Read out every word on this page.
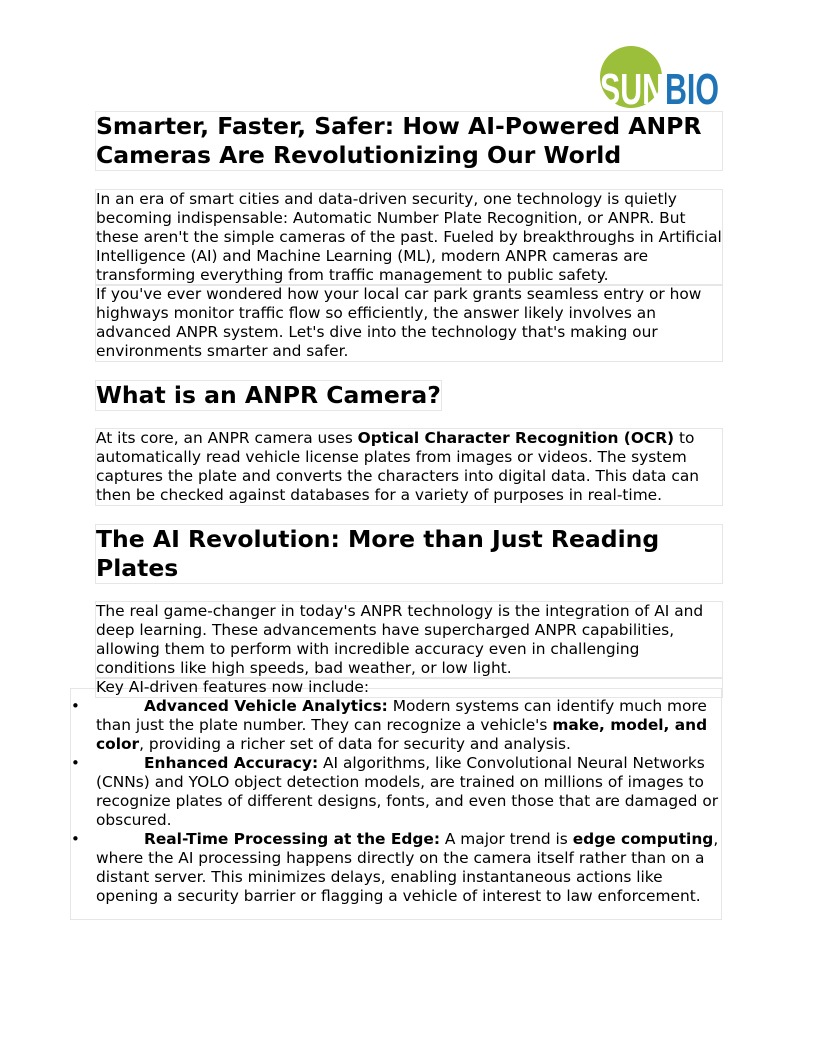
SUN BIO
Smarter, Faster, Safer: How AI-Powered ANPR Cameras Are Revolutionizing Our World

In an era of smart cities and data-driven security, one technology is quietly becoming indispensable: Automatic Number Plate Recognition, or ANPR. But these aren't the simple cameras of the past. Fueled by breakthroughs in Artificial Intelligence (AI) and Machine Learning (ML), modern ANPR cameras are transforming everything from traffic management to public safety.

If you've ever wondered how your local car park grants seamless entry or how highways monitor traffic flow so efficiently, the answer likely involves an advanced ANPR system. Let's dive into the technology that's making our environments smarter and safer.

What is an ANPR Camera?

At its core, an ANPR camera uses Optical Character Recognition (OCR) to automatically read vehicle license plates from images or videos. The system captures the plate and converts the characters into digital data. This data can then be checked against databases for a variety of purposes in real-time.

The AI Revolution: More than Just Reading Plates

The real game-changer in today's ANPR technology is the integration of AI and deep learning. These advancements have supercharged ANPR capabilities, allowing them to perform with incredible accuracy even in challenging conditions like high speeds, bad weather, or low light.

Key AI-driven features now include:

•	Advanced Vehicle Analytics: Modern systems can identify much more than just the plate number. They can recognize a vehicle's make, model, and color, providing a richer set of data for security and analysis.
•	Enhanced Accuracy: AI algorithms, like Convolutional Neural Networks (CNNs) and YOLO object detection models, are trained on millions of images to recognize plates of different designs, fonts, and even those that are damaged or obscured.
•	Real-Time Processing at the Edge: A major trend is edge computing, where the AI processing happens directly on the camera itself rather than on a distant server. This minimizes delays, enabling instantaneous actions like opening a security barrier or flagging a vehicle of interest to law enforcement.
